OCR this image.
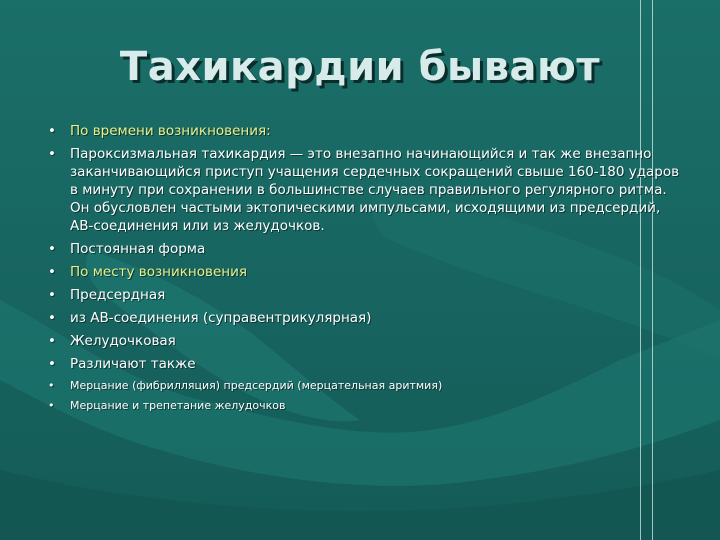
Тахикардии бывают
• По времени возникновения:
• Пароксизмальная тахикардия — это внезапно начинающийся и так же внезапно заканчивающийся приступ учащения сердечных сокращений свыше 160-180 ударов в минуту при сохранении в большинстве случаев правильного регулярного ритма. Он обусловлен частыми эктопическими импульсами, исходящими из предсердий, АВ-соединения или из желудочков.
• Постоянная форма
• По месту возникновения
• Предсердная
• из АВ-соединения (суправентрикулярная)
• Желудочковая
• Различают также
• Мерцание (фибрилляция) предсердий (мерцательная аритмия)
• Мерцание и трепетание желудочков
